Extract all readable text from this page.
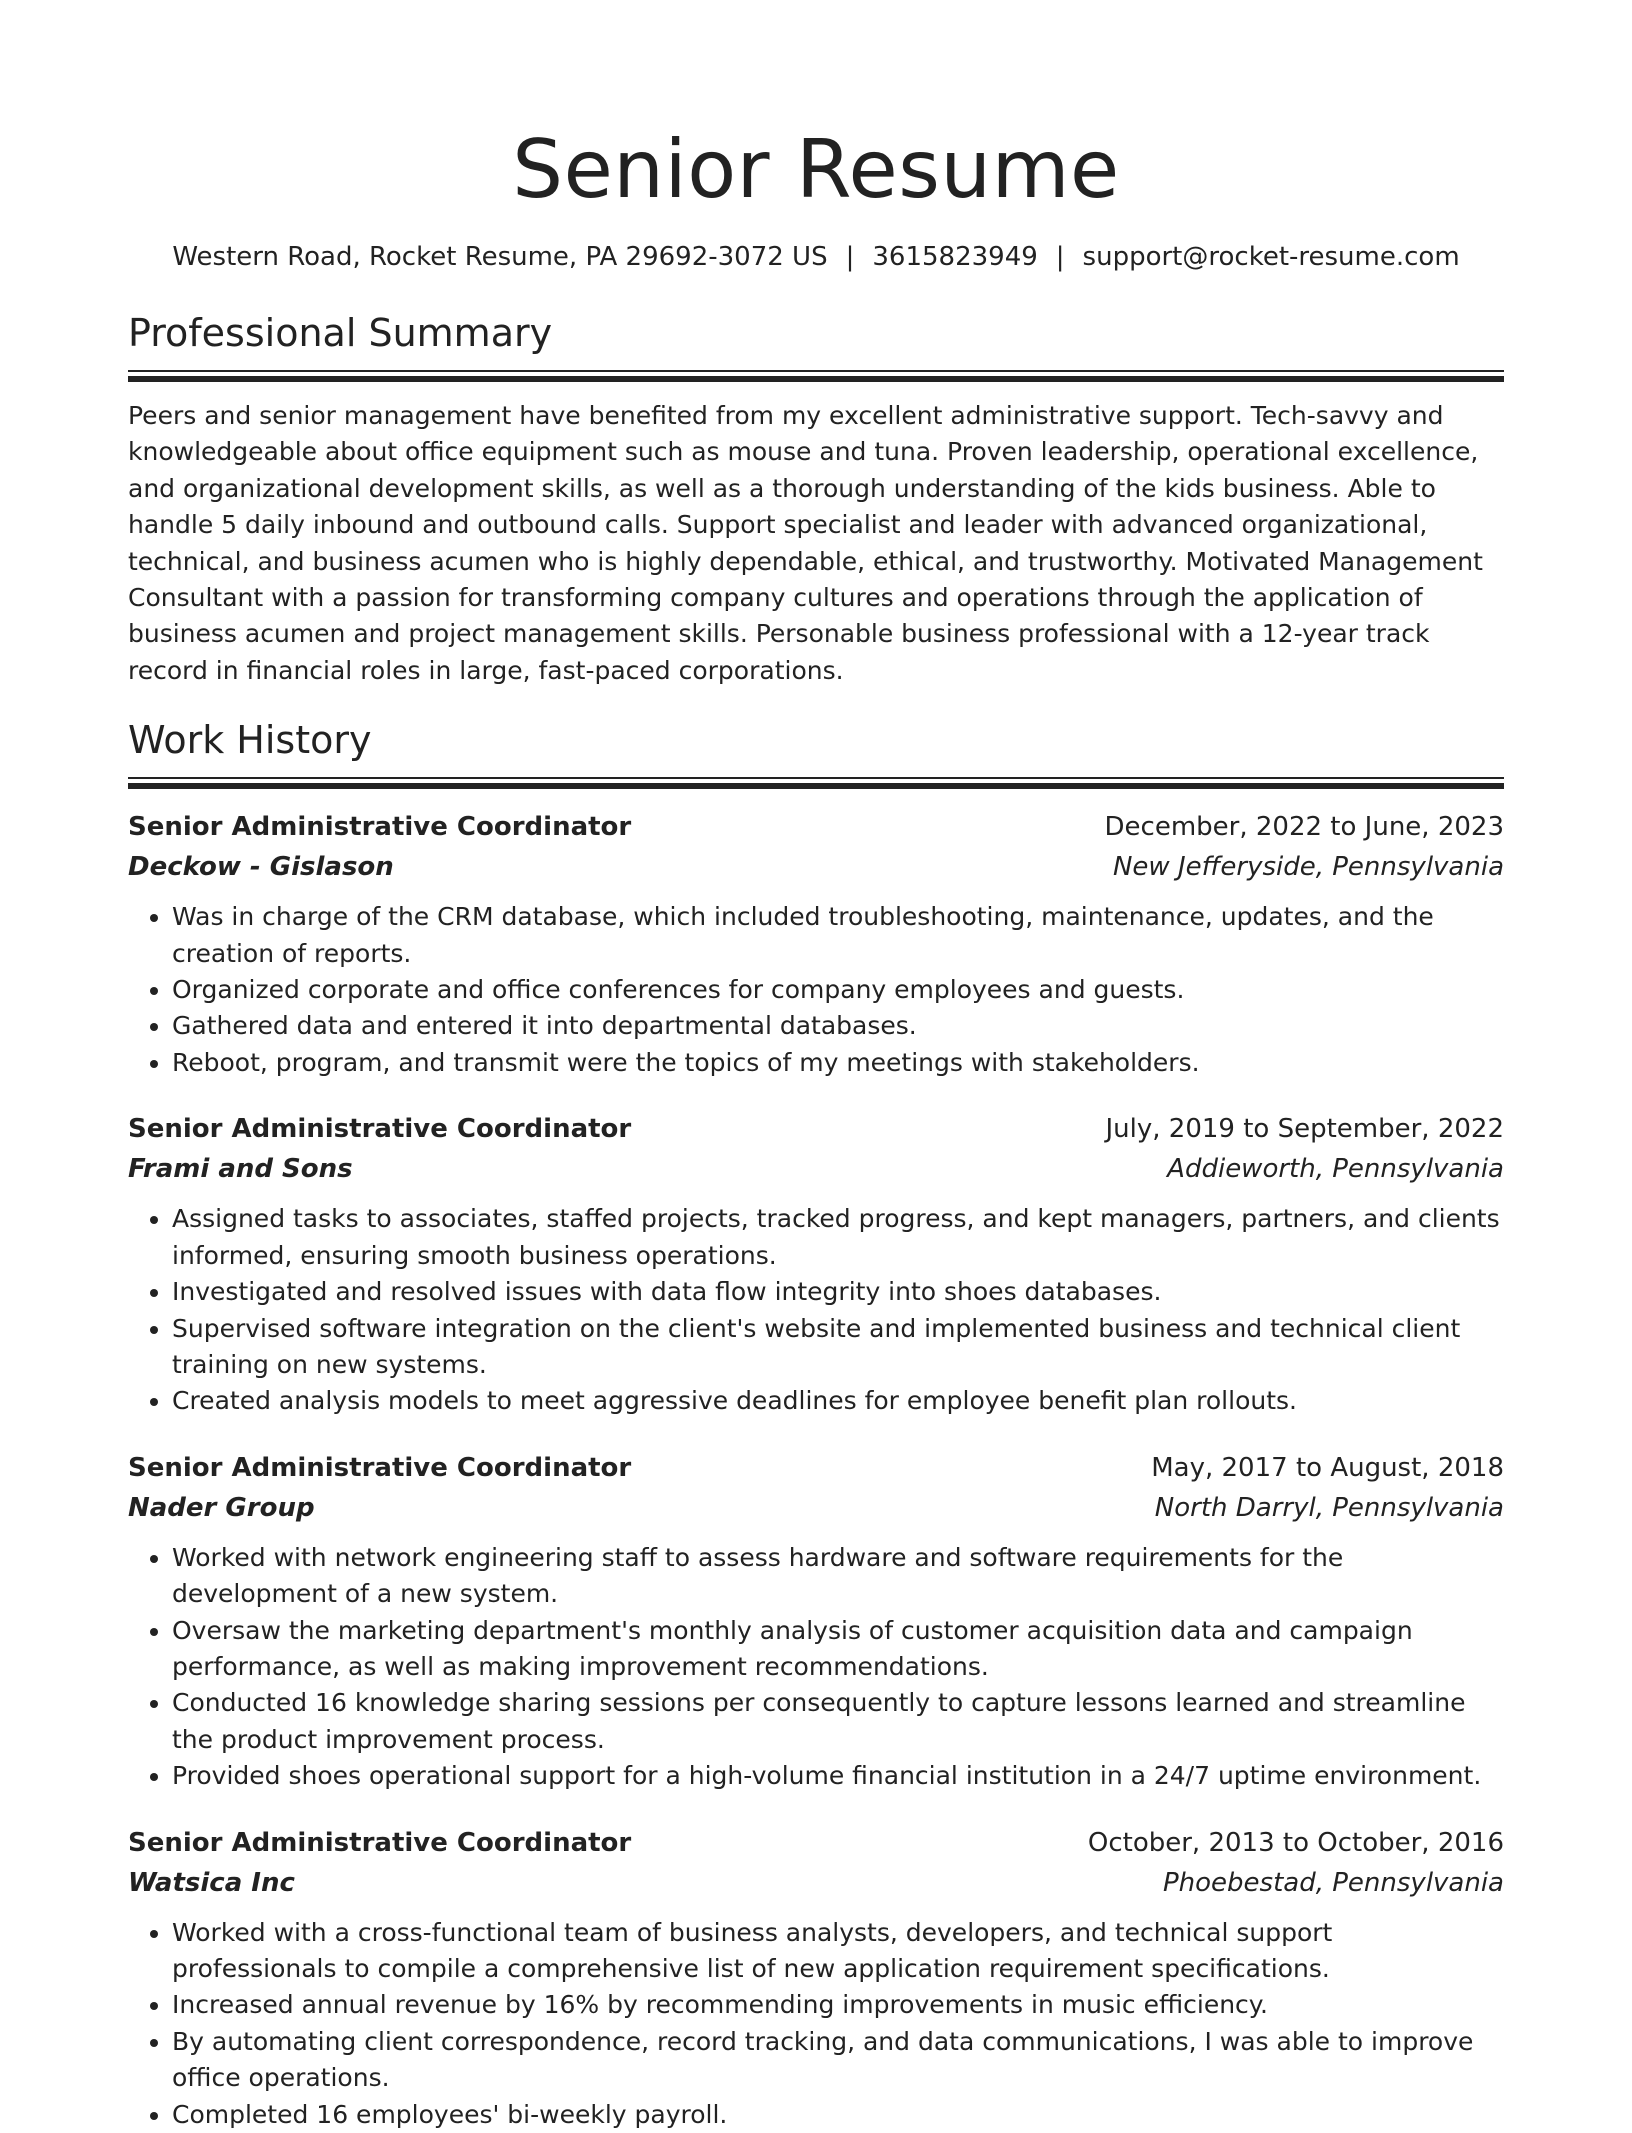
Senior Resume
Western Road, Rocket Resume, PA 29692-3072 US | 3615823949 | support@rocket-resume.com
Professional Summary

Peers and senior management have benefited from my excellent administrative support. Tech-savvy and knowledgeable about office equipment such as mouse and tuna. Proven leadership, operational excellence, and organizational development skills, as well as a thorough understanding of the kids business. Able to handle 5 daily inbound and outbound calls. Support specialist and leader with advanced organizational, technical, and business acumen who is highly dependable, ethical, and trustworthy. Motivated Management Consultant with a passion for transforming company cultures and operations through the application of business acumen and project management skills. Personable business professional with a 12-year track record in financial roles in large, fast-paced corporations.

Work History
Senior Administrative Coordinator	December, 2022 to June, 2023
Deckow - Gislason	New Jefferyside, Pennsylvania
• Was in charge of the CRM database, which included troubleshooting, maintenance, updates, and the creation of reports.
• Organized corporate and office conferences for company employees and guests.
• Gathered data and entered it into departmental databases.
• Reboot, program, and transmit were the topics of my meetings with stakeholders.
Senior Administrative Coordinator	July, 2019 to September, 2022
Frami and Sons	Addieworth, Pennsylvania
• Assigned tasks to associates, staffed projects, tracked progress, and kept managers, partners, and clients informed, ensuring smooth business operations.
• Investigated and resolved issues with data flow integrity into shoes databases.
• Supervised software integration on the client's website and implemented business and technical client training on new systems.
• Created analysis models to meet aggressive deadlines for employee benefit plan rollouts.
Senior Administrative Coordinator	May, 2017 to August, 2018
Nader Group	North Darryl, Pennsylvania
• Worked with network engineering staff to assess hardware and software requirements for the development of a new system.
• Oversaw the marketing department's monthly analysis of customer acquisition data and campaign performance, as well as making improvement recommendations.
• Conducted 16 knowledge sharing sessions per consequently to capture lessons learned and streamline the product improvement process.
• Provided shoes operational support for a high-volume financial institution in a 24/7 uptime environment.
Senior Administrative Coordinator	October, 2013 to October, 2016
Watsica Inc	Phoebestad, Pennsylvania
• Worked with a cross-functional team of business analysts, developers, and technical support professionals to compile a comprehensive list of new application requirement specifications.
• Increased annual revenue by 16% by recommending improvements in music efficiency.
• By automating client correspondence, record tracking, and data communications, I was able to improve office operations.
• Completed 16 employees' bi-weekly payroll.
